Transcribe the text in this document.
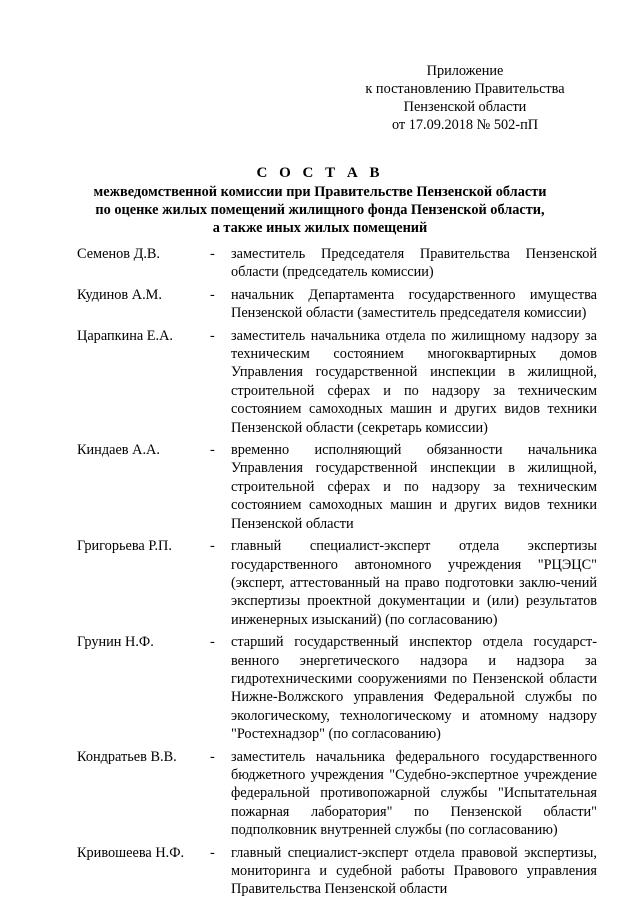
Приложение
к постановлению Правительства
Пензенской области
от 17.09.2018 № 502-пП
С О С Т А В
межведомственной комиссии при Правительстве Пензенской области
по оценке жилых помещений жилищного фонда Пензенской области,
а также иных жилых помещений
Семенов Д.В.	-	заместитель Председателя Правительства Пензенской области (председатель комиссии)
Кудинов А.М.	-	начальник Департамента государственного имущества Пензенской области (заместитель председателя комиссии)
Царапкина Е.А.	-	заместитель начальника отдела по жилищному надзору за техническим состоянием многоквартирных домов Управления государственной инспекции в жилищной, строительной сферах и по надзору за техническим состоянием самоходных машин и других видов техники Пензенской области (секретарь комиссии)
Киндаев А.А.	-	временно исполняющий обязанности начальника Управления государственной инспекции в жилищной, строительной сферах и по надзору за техническим состоянием самоходных машин и других видов техники Пензенской области
Григорьева Р.П.	-	главный специалист-эксперт отдела экспертизы государственного автономного учреждения "РЦЭЦС" (эксперт, аттестованный на право подготовки заклю-чений экспертизы проектной документации и (или) результатов инженерных изысканий) (по согласованию)
Грунин Н.Ф.	-	старший государственный инспектор отдела государст-венного энергетического надзора и надзора за гидротехническими сооружениями по Пензенской области Нижне-Волжского управления Федеральной службы по экологическому, технологическому и атомному надзору "Ростехнадзор" (по согласованию)
Кондратьев В.В.	-	заместитель начальника федерального государственного бюджетного учреждения "Судебно-экспертное учреждение федеральной противопожарной службы "Испытательная пожарная лаборатория" по Пензенской области" подполковник внутренней службы (по согласованию)
Кривошеева Н.Ф.	-	главный специалист-эксперт отдела правовой экспертизы, мониторинга и судебной работы Правового управления Правительства Пензенской области
